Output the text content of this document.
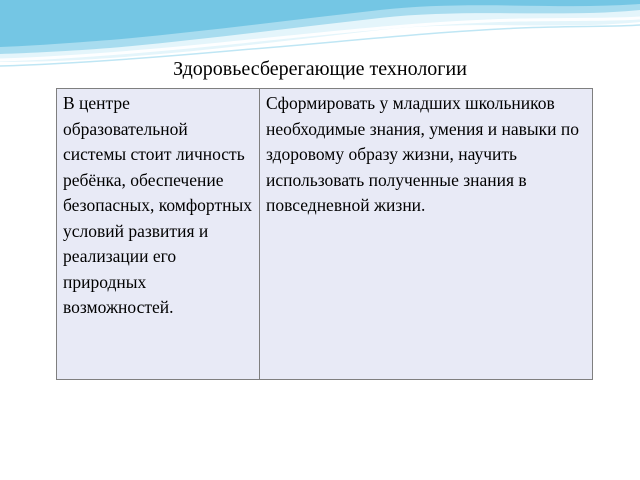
Здоровьесберегающие технологии
В центре образовательной системы стоит личность ребёнка, обеспечение безопасных, комфортных условий развития и реализации его природных возможностей.	Сформировать у младших школьников необходимые знания, умения и навыки по здоровому образу жизни, научить использовать полученные знания в повседневной жизни.
